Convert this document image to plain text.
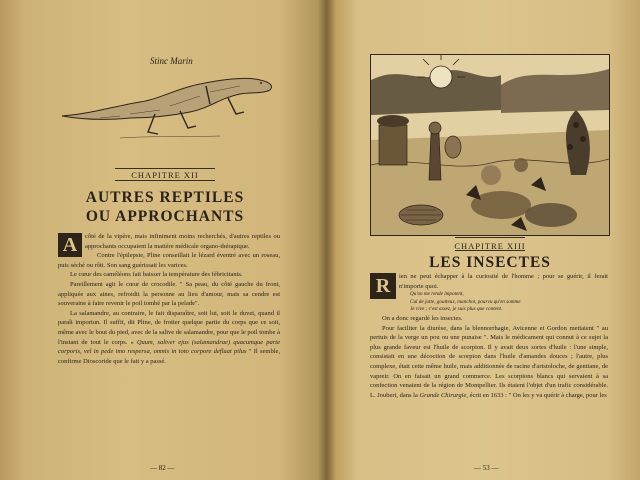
Stinc Marin
CHAPITRE XII
AUTRES REPTILES
OU APPROCHANTS

A	côté de la vipère, mais infiniment moins recherchés, d'autres reptiles ou approchants occupaient la matière médicale organo-thérapique.

Contre l'épilepsie, Pline conseillait le lézard éventré avec un roseau, puis séché ou rôti. Son sang guérissait les varices.

Le cœur des caméléons fait baisser la température des fébricitants.

Pareillement agit le cœur de crocodile. " Sa peau, du côté gauche du front, appliquée aux aines, refroidit la personne au lieu d'amour, mais sa cendre est souveraine à faire revenir le poil tombé par la pelade".

La salamandre, au contraire, le fait disparaître, soit lui, soit le duvet, quand il paraît importun. Il suffit, dit Pline, de frotter quelque partie du corps que ce soit, même avec le bout du pied, avec de la salive de salamandre, pour que le poil tombe à l'instant de tout le corps. « Quum, saliver ejus (salamandrae) quacumque parte corporis, vel in pede imo respersa, omnis in toto corpore defluat pilus " Il semble, confirme Dioscoride que le fait y a passé.

— 82 —
CHAPITRE XIII
LES INSECTES

R	ien ne peut échapper à la curiosité de l'homme ; pour se guérir, il ferait n'importe quoi.

Qu'on me rende impotent,
Cul de jatte, goutteux, manchot, pourvu qu'en somme
Je vive ; c'est assez, je suis plus que content.

On a donc regardé les insectes.

Pour faciliter la diurèse, dans la blennorrhagie, Avicenne et Gordon mettaient " au pertuis de la verge un pou ou une punaise ". Mais le médicament qui connut à ce sujet la plus grande faveur est l'huile de scorpion. Il y avait deux sortes d'huile : l'une simple, consistait en une décoction de scorpion dans l'huile d'amandes douces ; l'autre, plus complexe, était cette même huile, mais additionnée de racine d'aristoloche, de gentiane, de vapreir. On en faisait un grand commerce. Les scorpions blancs qui servaient à sa confection venaient de la région de Montpellier. Ils étaient l'objet d'un trafic considérable. L. Joubert, dans la Grande Chirurgie, écrit en 1633 : " On les y va quérir à charge, pour les

— 53 —
